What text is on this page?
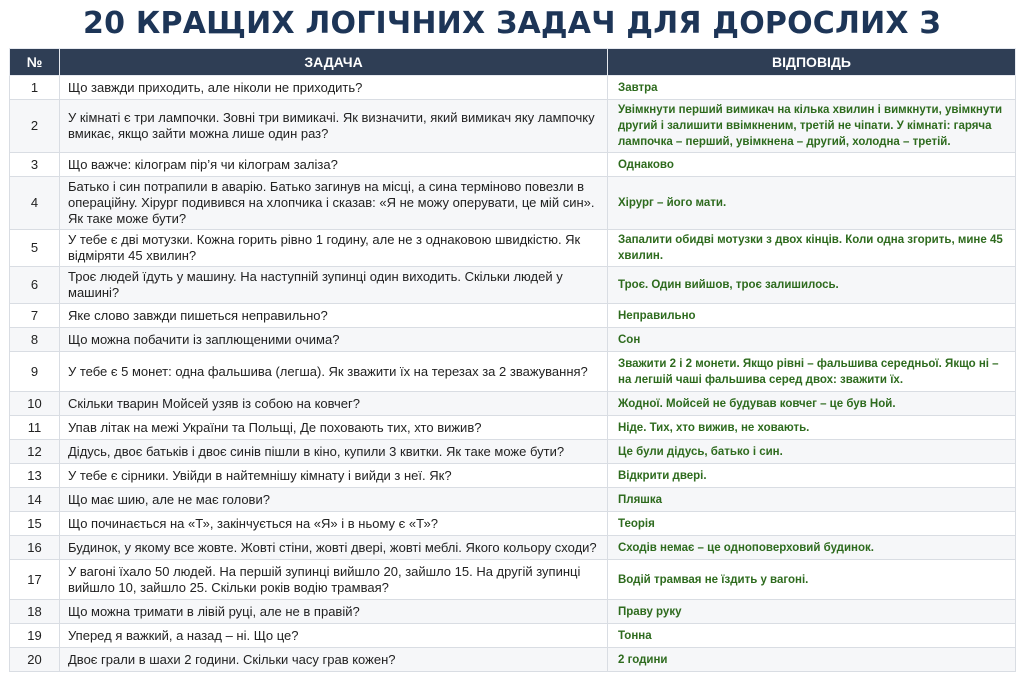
20 КРАЩИХ ЛОГІЧНИХ ЗАДАЧ ДЛЯ ДОРОСЛИХ З
№	ЗАДАЧА	ВІДПОВІДЬ
1	Що завжди приходить, але ніколи не приходить?	Завтра
2	У кімнаті є три лампочки. Зовні три вимикачі. Як визначити, який вимикач яку лампочку вмикає, якщо зайти можна лише один раз?	Увімкнути перший вимикач на кілька хвилин і вимкнути, увімкнути другий і залишити ввімкненим, третій не чіпати. У кімнаті: гаряча лампочка – перший, увімкнена – другий, холодна – третій.
3	Що важче: кілограм пір’я чи кілограм заліза?	Однаково
4	Батько і син потрапили в аварію. Батько загинув на місці, а сина терміново повезли в операційну. Хірург подивився на хлопчика і сказав: «Я не можу оперувати, це мій син». Як таке може бути?	Хірург – його мати.
5	У тебе є дві мотузки. Кожна горить рівно 1 годину, але не з однаковою швидкістю. Як відміряти 45 хвилин?	Запалити обидві мотузки з двох кінців. Коли одна згорить, мине 45 хвилин.
6	Троє людей їдуть у машину. На наступній зупинці один виходить. Скільки людей у машині?	Троє. Один вийшов, троє залишилось.
7	Яке слово завжди пишеться неправильно?	Неправильно
8	Що можна побачити із заплющеними очима?	Сон
9	У тебе є 5 монет: одна фальшива (легша). Як зважити їх на терезах за 2 зважування?	Зважити 2 і 2 монети. Якщо рівні – фальшива середньої. Якщо ні – на легшій чаші фальшива серед двох: зважити їх.
10	Скільки тварин Мойсей узяв із собою на ковчег?	Жодної. Мойсей не будував ковчег – це був Ной.
11	Упав літак на межі України та Польщі, Де поховають тих, хто вижив?	Ніде. Тих, хто вижив, не ховають.
12	Дідусь, двоє батьків і двоє синів пішли в кіно, купили 3 квитки. Як таке може бути?	Це були дідусь, батько і син.
13	У тебе є сірники. Увійди в найтемнішу кімнату і вийди з неї. Як?	Відкрити двері.
14	Що має шию, але не має голови?	Пляшка
15	Що починається на «Т», закінчується на «Я» і в ньому є «Т»?	Теорія
16	Будинок, у якому все жовте. Жовті стіни, жовті двері, жовті меблі. Якого кольору сходи?	Сходів немає – це одноповерховий будинок.
17	У вагоні їхало 50 людей. На першій зупинці вийшло 20, зайшло 15. На другій зупинці вийшло 10, зайшло 25. Скільки років водію трамвая?	Водій трамвая не їздить у вагоні.
18	Що можна тримати в лівій руці, але не в правій?	Праву руку
19	Уперед я важкий, а назад – ні. Що це?	Тонна
20	Двоє грали в шахи 2 години. Скільки часу грав кожен?	2 години
